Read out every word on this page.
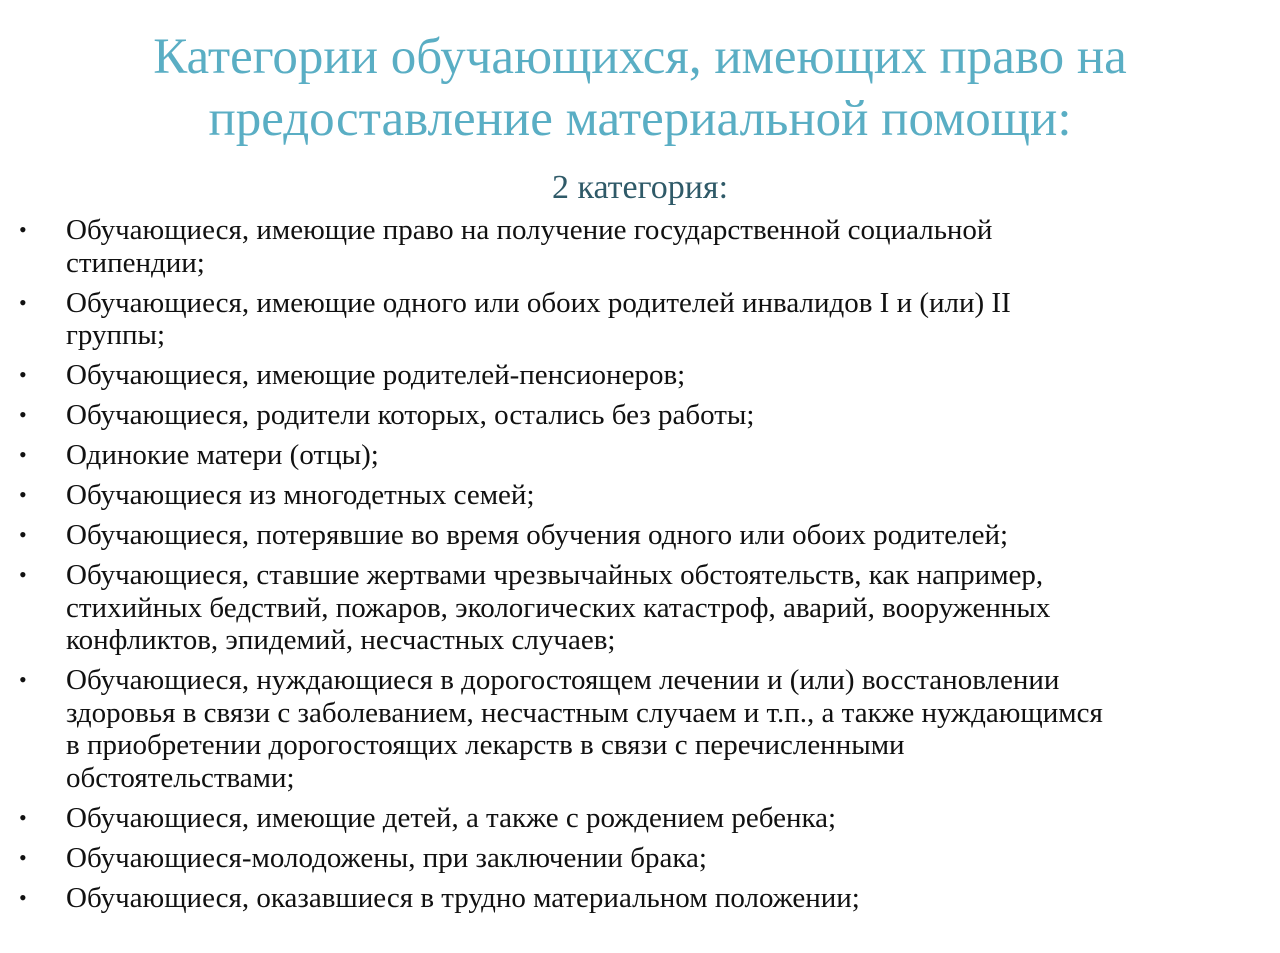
Категории обучающихся, имеющих право на
предоставление материальной помощи:
2 категория:
• Обучающиеся, имеющие право на получение государственной социальной
стипендии;
• Обучающиеся, имеющие одного или обоих родителей инвалидов I и (или) II
группы;
• Обучающиеся, имеющие родителей-пенсионеров;
• Обучающиеся, родители которых, остались без работы;
• Одинокие матери (отцы);
• Обучающиеся из многодетных семей;
• Обучающиеся, потерявшие во время обучения одного или обоих родителей;
• Обучающиеся, ставшие жертвами чрезвычайных обстоятельств, как например,
стихийных бедствий, пожаров, экологических катастроф, аварий, вооруженных
конфликтов, эпидемий, несчастных случаев;
• Обучающиеся, нуждающиеся в дорогостоящем лечении и (или) восстановлении
здоровья в связи с заболеванием, несчастным случаем и т.п., а также нуждающимся
в приобретении дорогостоящих лекарств в связи с перечисленными
обстоятельствами;
• Обучающиеся, имеющие детей, а также с рождением ребенка;
• Обучающиеся-молодожены, при заключении брака;
• Обучающиеся, оказавшиеся в трудно материальном положении;
